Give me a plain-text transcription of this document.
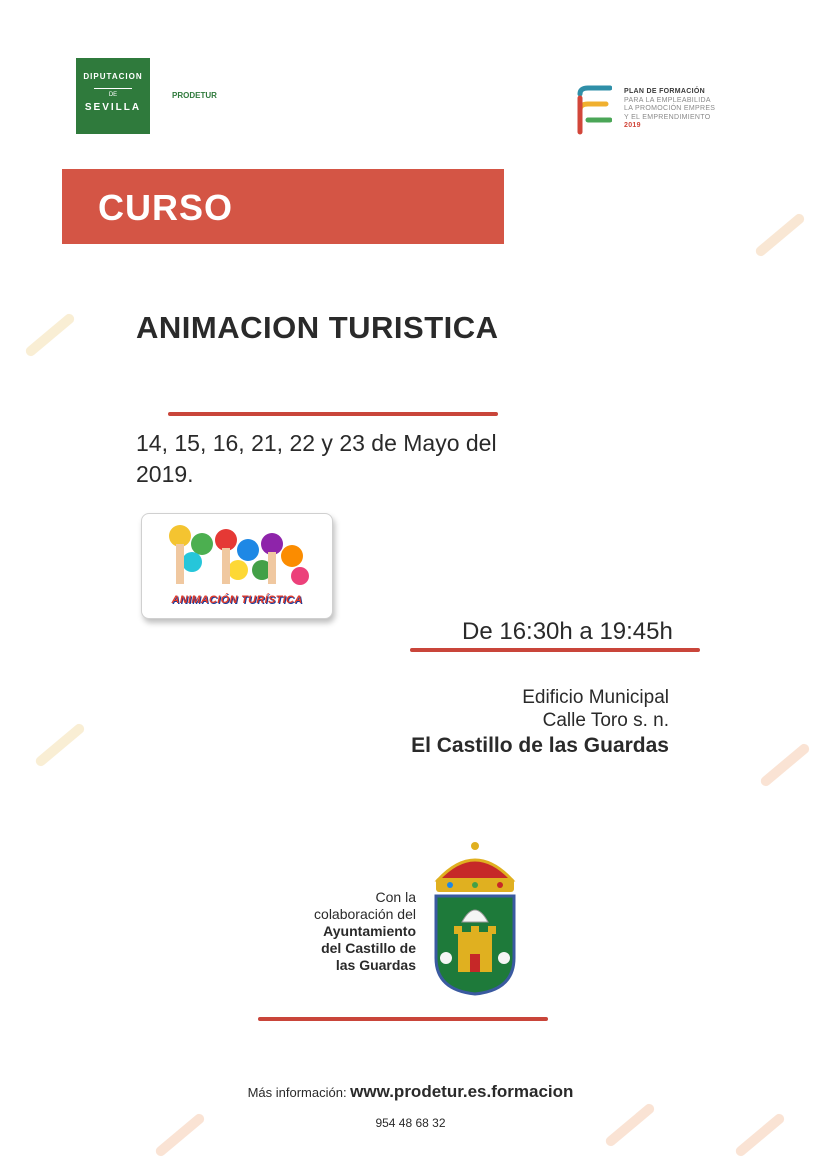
DIPUTACION
DE
SEVILLA
PRODETUR	PLAN DE FORMACIÓN
PARA LA EMPLEABILIDA
LA PROMOCIÓN EMPRES
Y EL EMPRENDIMIENTO
2019
CURSO
ANIMACION TURISTICA
14, 15, 16, 21, 22 y 23 de Mayo del 2019.
ANIMACIÓN TURÍSTICA
De 16:30h a 19:45h
Edificio Municipal
Calle Toro s. n.
El Castillo de las Guardas
Con la
colaboración del
Ayuntamiento
del Castillo de
las Guardas
Más información: www.prodetur.es.formacion
954 48 68 32
